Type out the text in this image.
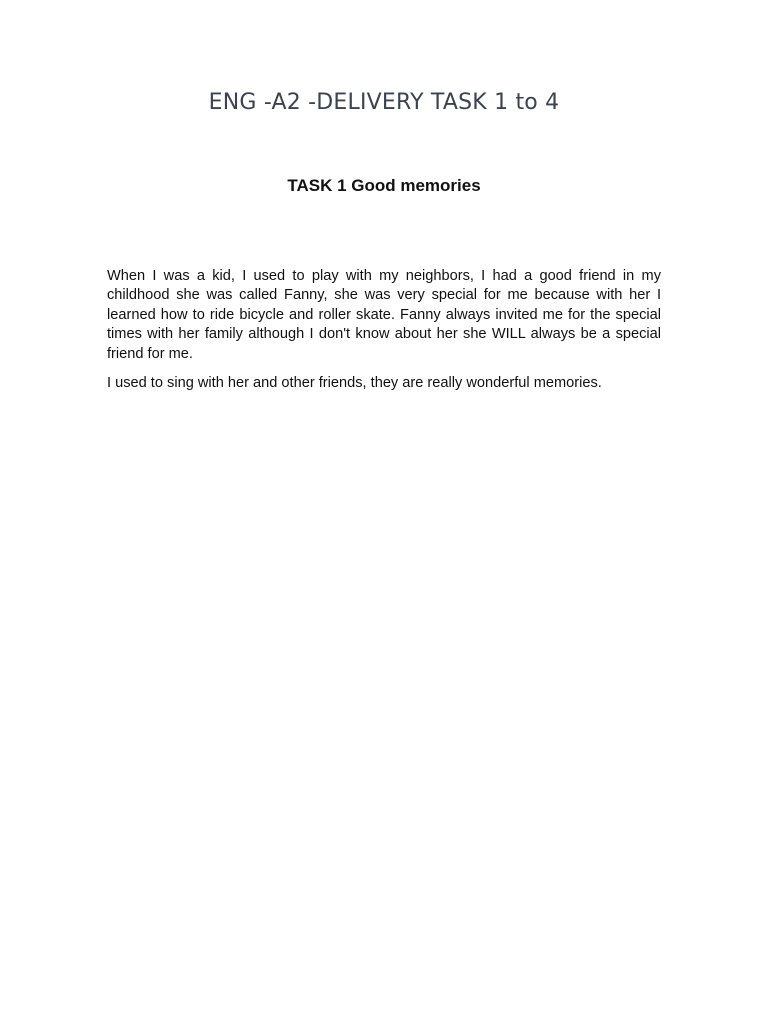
ENG -A2 -DELIVERY TASK 1 to 4
TASK 1 Good memories

When I was a kid, I used to play with my neighbors, I had a good friend in my childhood she was called Fanny, she was very special for me because with her I learned how to ride bicycle and roller skate. Fanny always invited me for the special times with her family although I don't know about her she WILL always be a special friend for me.

I used to sing with her and other friends, they are really wonderful memories.
